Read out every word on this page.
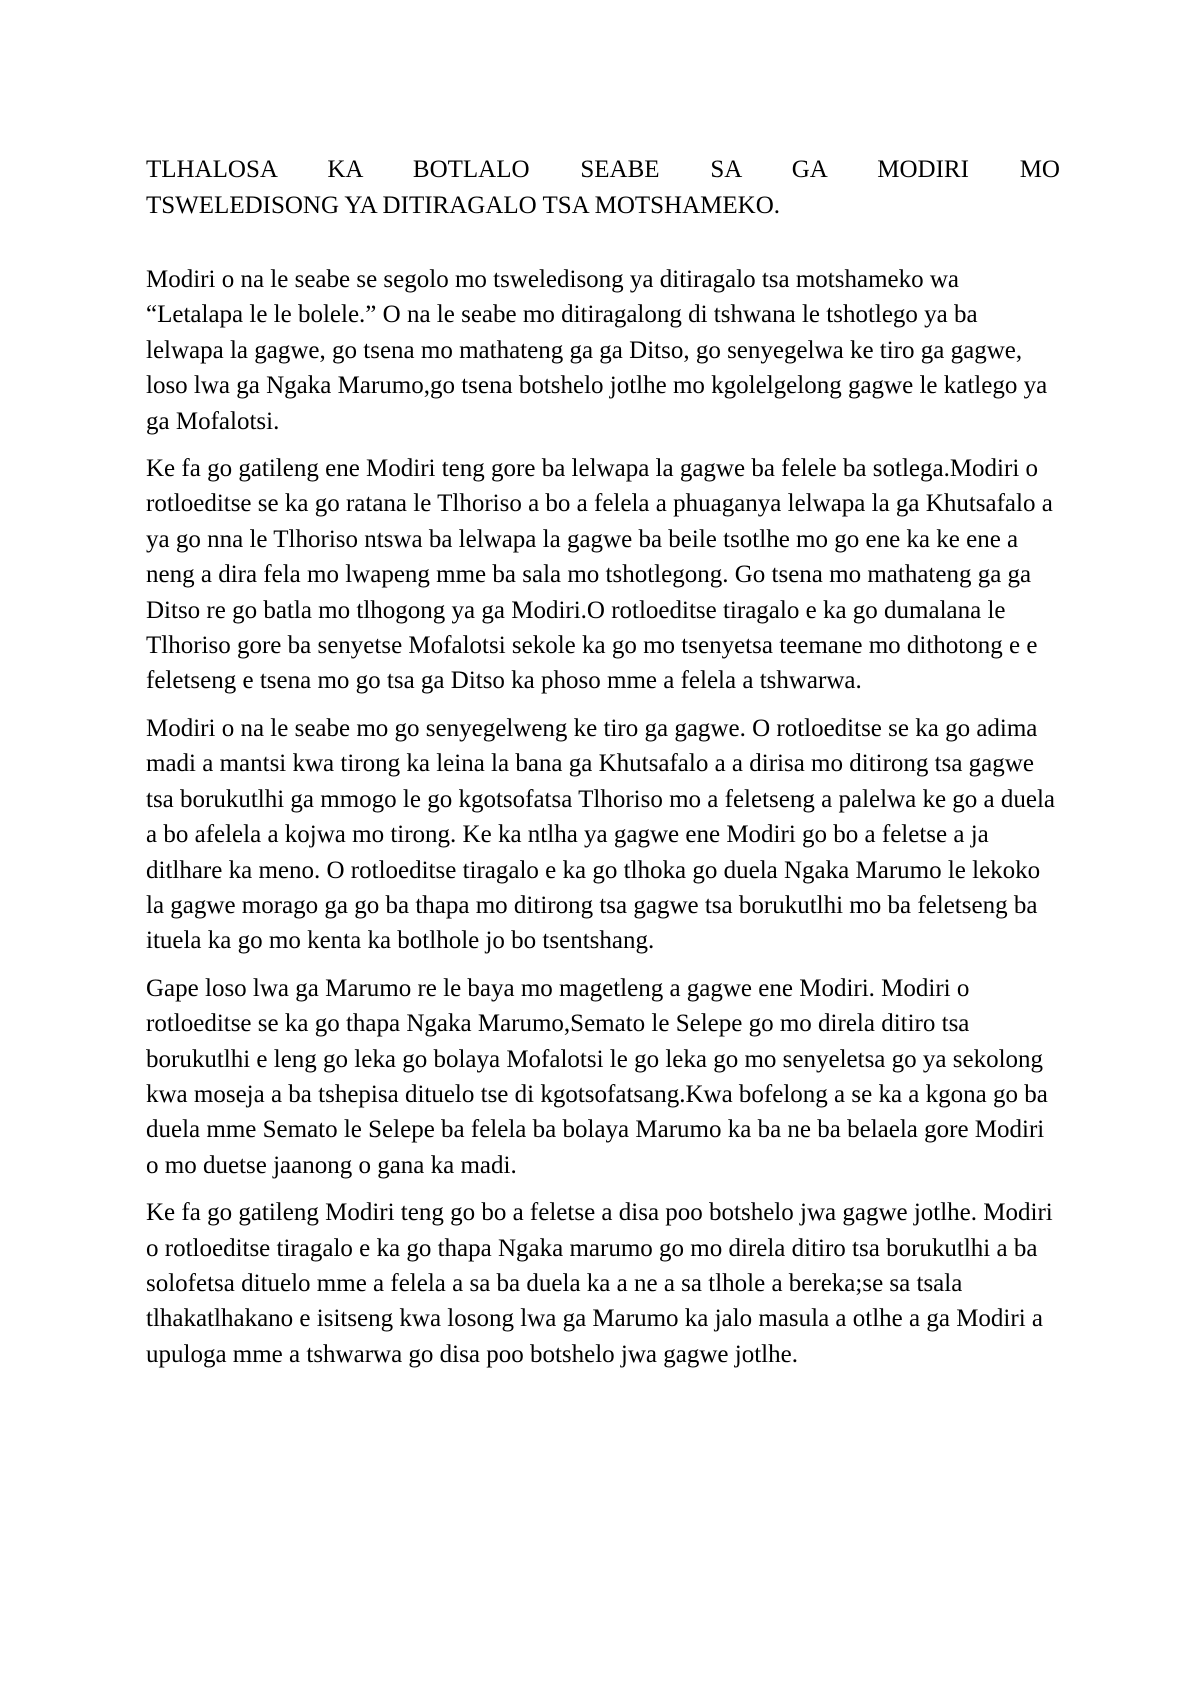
TLHALOSA KA BOTLALO SEABE SA GA MODIRI MO
TSWELEDISONG YA DITIRAGALO TSA MOTSHAMEKO.

Modiri o na le seabe se segolo mo tsweledisong ya ditiragalo tsa motshameko wa “Letalapa le le bolele.” O na le seabe mo ditiragalong di tshwana le tshotlego ya ba lelwapa la gagwe, go tsena mo mathateng ga ga Ditso, go senyegelwa ke tiro ga gagwe, loso lwa ga Ngaka Marumo,go tsena botshelo jotlhe mo kgolelgelong gagwe le katlego ya ga Mofalotsi.

Ke fa go gatileng ene Modiri teng gore ba lelwapa la gagwe ba felele ba sotlega.Modiri o rotloeditse se ka go ratana le Tlhoriso a bo a felela a phuaganya lelwapa la ga Khutsafalo a ya go nna le Tlhoriso ntswa ba lelwapa la gagwe ba beile tsotlhe mo go ene ka ke ene a neng a dira fela mo lwapeng mme ba sala mo tshotlegong. Go tsena mo mathateng ga ga Ditso re go batla mo tlhogong ya ga Modiri.O rotloeditse tiragalo e ka go dumalana le Tlhoriso gore ba senyetse Mofalotsi sekole ka go mo tsenyetsa teemane mo dithotong e e feletseng e tsena mo go tsa ga Ditso ka phoso mme a felela a tshwarwa.

Modiri o na le seabe mo go senyegelweng ke tiro ga gagwe. O rotloeditse se ka go adima madi a mantsi kwa tirong ka leina la bana ga Khutsafalo a a dirisa mo ditirong tsa gagwe tsa borukutlhi ga mmogo le go kgotsofatsa Tlhoriso mo a feletseng a palelwa ke go a duela a bo afelela a kojwa mo tirong. Ke ka ntlha ya gagwe ene Modiri go bo a feletse a ja ditlhare ka meno. O rotloeditse tiragalo e ka go tlhoka go duela Ngaka Marumo le lekoko la gagwe morago ga go ba thapa mo ditirong tsa gagwe tsa borukutlhi mo ba feletseng ba ituela ka go mo kenta ka botlhole jo bo tsentshang.

Gape loso lwa ga Marumo re le baya mo magetleng a gagwe ene Modiri. Modiri o rotloeditse se ka go thapa Ngaka Marumo,Semato le Selepe go mo direla ditiro tsa borukutlhi e leng go leka go bolaya Mofalotsi le go leka go mo senyeletsa go ya sekolong kwa moseja a ba tshepisa dituelo tse di kgotsofatsang.Kwa bofelong a se ka a kgona go ba duela mme Semato le Selepe ba felela ba bolaya Marumo ka ba ne ba belaela gore Modiri o mo duetse jaanong o gana ka madi.

Ke fa go gatileng Modiri teng go bo a feletse a disa poo botshelo jwa gagwe jotlhe. Modiri o rotloeditse tiragalo e ka go thapa Ngaka marumo go mo direla ditiro tsa borukutlhi a ba solofetsa dituelo mme a felela a sa ba duela ka a ne a sa tlhole a bereka;se sa tsala tlhakatlhakano e isitseng kwa losong lwa ga Marumo ka jalo masula a otlhe a ga Modiri a upuloga mme a tshwarwa go disa poo botshelo jwa gagwe jotlhe.
